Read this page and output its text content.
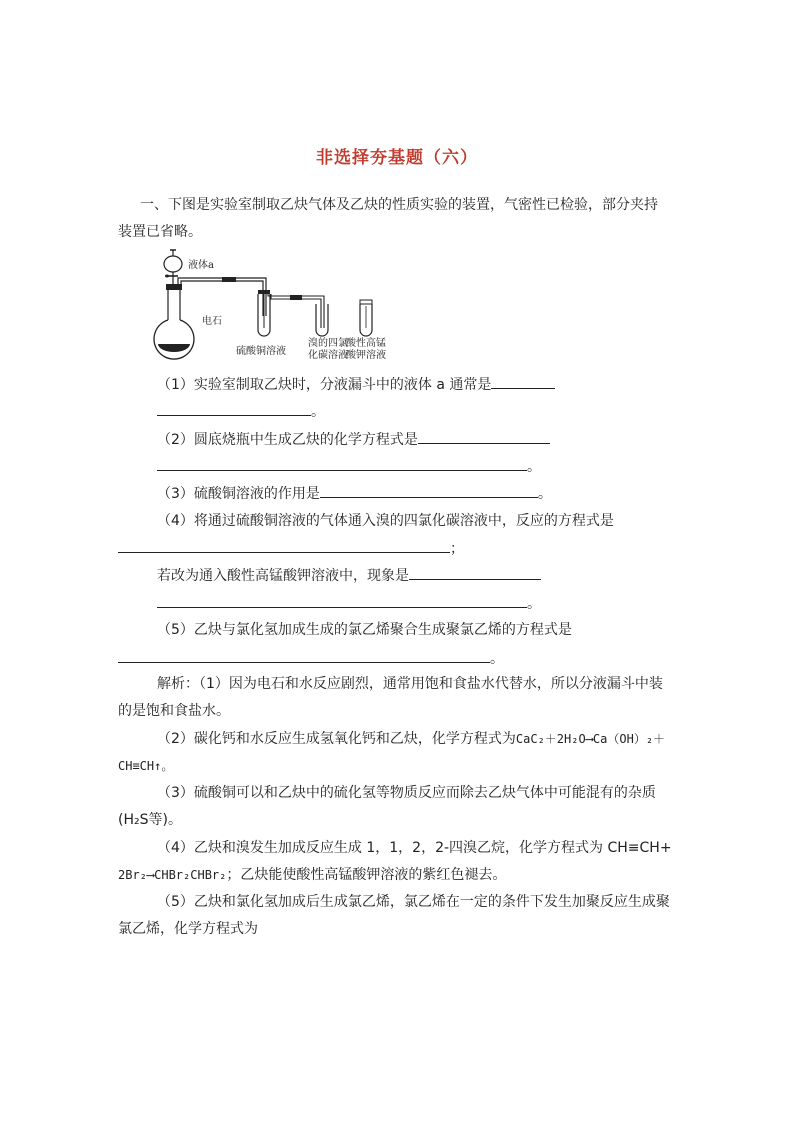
非选择夯基题（六）
一、下图是实验室制取乙炔气体及乙炔的性质实验的装置，气密性已检验，部分夹持
装置已省略。
液体a
电石
硫酸铜溶液
溴的四氯
化碳溶液
酸性高锰
酸钾溶液
（1）实验室制取乙炔时，分液漏斗中的液体 a 通常是
。
（2）圆底烧瓶中生成乙炔的化学方程式是
。
（3）硫酸铜溶液的作用是	。
（4）将通过硫酸铜溶液的气体通入溴的四氯化碳溶液中，反应的方程式是
；
若改为通入酸性高锰酸钾溶液中，现象是
。
（5）乙炔与氯化氢加成生成的氯乙烯聚合生成聚氯乙烯的方程式是
。
解析：（1）因为电石和水反应剧烈，通常用饱和食盐水代替水，所以分液漏斗中装
的是饱和食盐水。
（2）碳化钙和水反应生成氢氧化钙和乙炔，化学方程式为CaC₂＋2H₂O⟶Ca（OH）₂＋
CH≡CH↑。
（3）硫酸铜可以和乙炔中的硫化氢等物质反应而除去乙炔气体中可能混有的杂质
(H₂S等)。
（4）乙炔和溴发生加成反应生成 1，1，2，2-四溴乙烷，化学方程式为 CH≡CH+
2Br₂⟶CHBr₂CHBr₂；乙炔能使酸性高锰酸钾溶液的紫红色褪去。
（5）乙炔和氯化氢加成后生成氯乙烯，氯乙烯在一定的条件下发生加聚反应生成聚
氯乙烯，化学方程式为
